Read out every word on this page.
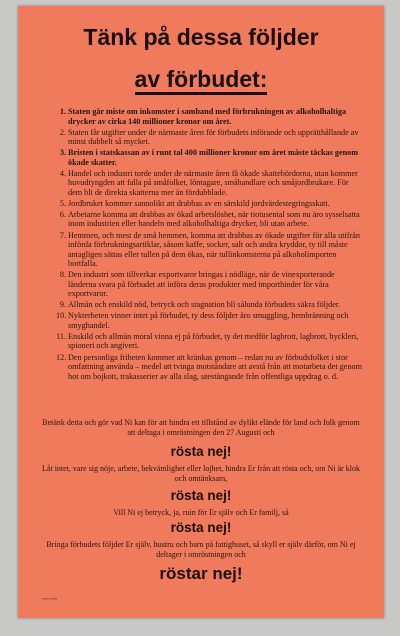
Tänk på dessa följder
av förbudet:
1. Staten går miste om inkomster i samband med förbrukningen av alkoholhaltiga drycker av cirka 140 millioner kronor om året.
2. Staten får utgifter under de närmaste åren för förbudets införande och upprätthållande av minst dubbelt så mycket.
3. Bristen i statskassan av i runt tal 400 millioner kronor om året måste täckas genom ökade skatter.
4. Handel och industri torde under de närmaste åren få ökade skattebördorna, utan kommer huvudtyngden att falla på småfolket, löntagare, småhandlare och småjordbrukare. För dem bli de direkta skatterna mer än fördubblade.
5. Jordbruket kommer sannolikt att drabbas av en särskild jordvärdestegringsskatt.
6. Arbetarne komma att drabbas av ökad arbetslöshet, när tiotusental som nu äro sysselsatta inom industrien eller handeln med alkoholhaltiga drycker, bli utan arbete.
7. Hemmen, och mest de små hemmen, komma att drabbas av ökade utgifter för alla utifrån införda förbrukningsartiklar, såsom kaffe, socker, salt och andra kryddor, ty till måste antagligen sättas eller tullen på dem ökas, när tullinkomsterna på alkoholimporten bortfalla.
8. Den industri som tillverkar exportvaror bringas i nödläge, när de vinexporterande länderna svara på förbudet att införa deras produkter med importhinder för våra exportvaror.
9. Allmän och enskild nöd, betryck och stagnation bli sålunda förbudets säkra följder.
10. Nykterheten vinner intet på förbudet, ty dess följder äro smuggling, hembränning och smyghandel.
11. Enskild och allmän moral vinna ej på förbudet, ty det medför lagbrott, lagbrott, hyckleri, spioneri och angiveri.
12. Den personliga friheten kommer att kränkas genom – redan nu av förbudsfolket i stor omfattning använda – medel att tvinga motståndare att avstå från att motarbeta det genom hot om bojkott, trakasserier av alla slag, utestängande från offentliga uppdrag o. d.
Betänk detta och gör vad Ni kan för att hindra ett tillstånd av dylikt elände för land och folk genom att deltaga i omröstningen den 27 Augusti och
rösta nej!
Låt intet, vare sig nöje, arbete, bekvämlighet eller lojhet, hindra Er från att rösta och, om Ni är klok och omtänksam,
rösta nej!
Vill Ni ej betryck, ja, ruin för Er själv och Er familj, så
rösta nej!
Bringa förbudets följder Er själv, hustru och barn på fattighuset, så skyll er själv därför, om Ni ej deltager i omröstningen och
röstar nej!
▪▪▪▪▪ ▪▪▪▪▪
